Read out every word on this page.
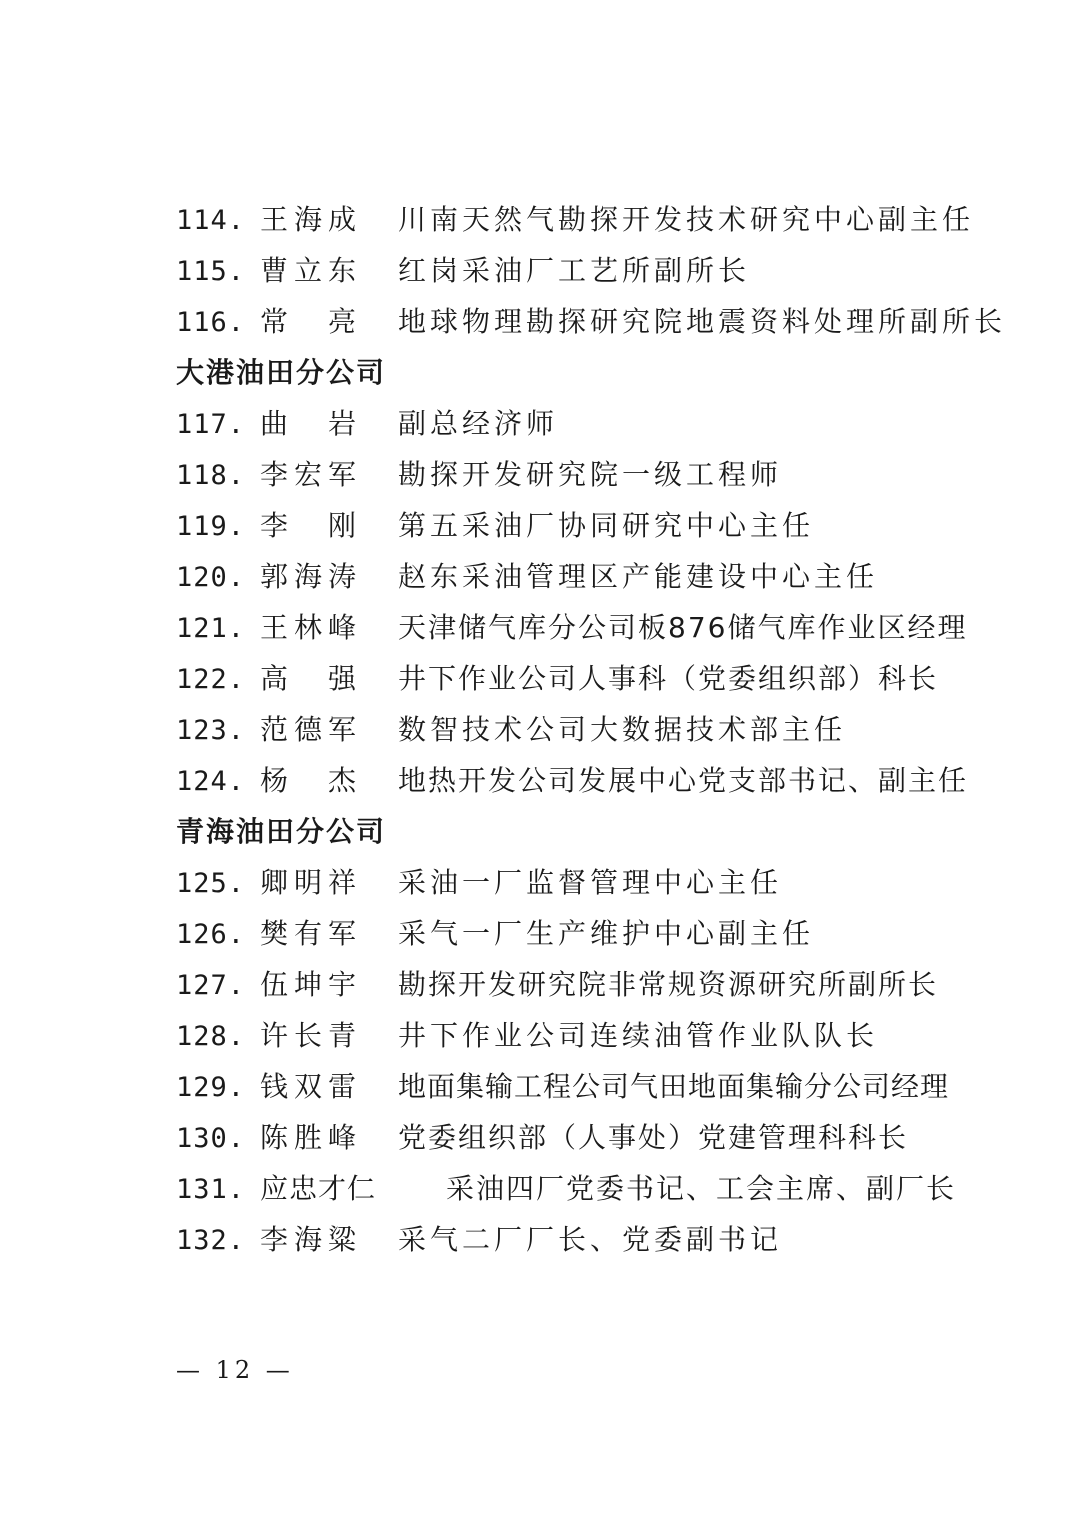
114. 王海成 川南天然气勘探开发技术研究中心副主任
115. 曹立东 红岗采油厂工艺所副所长
116. 常　亮 地球物理勘探研究院地震资料处理所副所长
大港油田分公司
117. 曲　岩 副总经济师
118. 李宏军 勘探开发研究院一级工程师
119. 李　刚 第五采油厂协同研究中心主任
120. 郭海涛 赵东采油管理区产能建设中心主任
121. 王林峰 天津储气库分公司板876储气库作业区经理
122. 高　强 井下作业公司人事科（党委组织部）科长
123. 范德军 数智技术公司大数据技术部主任
124. 杨　杰 地热开发公司发展中心党支部书记、副主任
青海油田分公司
125. 卿明祥 采油一厂监督管理中心主任
126. 樊有军 采气一厂生产维护中心副主任
127. 伍坤宇 勘探开发研究院非常规资源研究所副所长
128. 许长青 井下作业公司连续油管作业队队长
129. 钱双雷 地面集输工程公司气田地面集输分公司经理
130. 陈胜峰 党委组织部（人事处）党建管理科科长
131. 应忠才仁 采油四厂党委书记、工会主席、副厂长
132. 李海粱 采气二厂厂长、党委副书记
— 12 —
